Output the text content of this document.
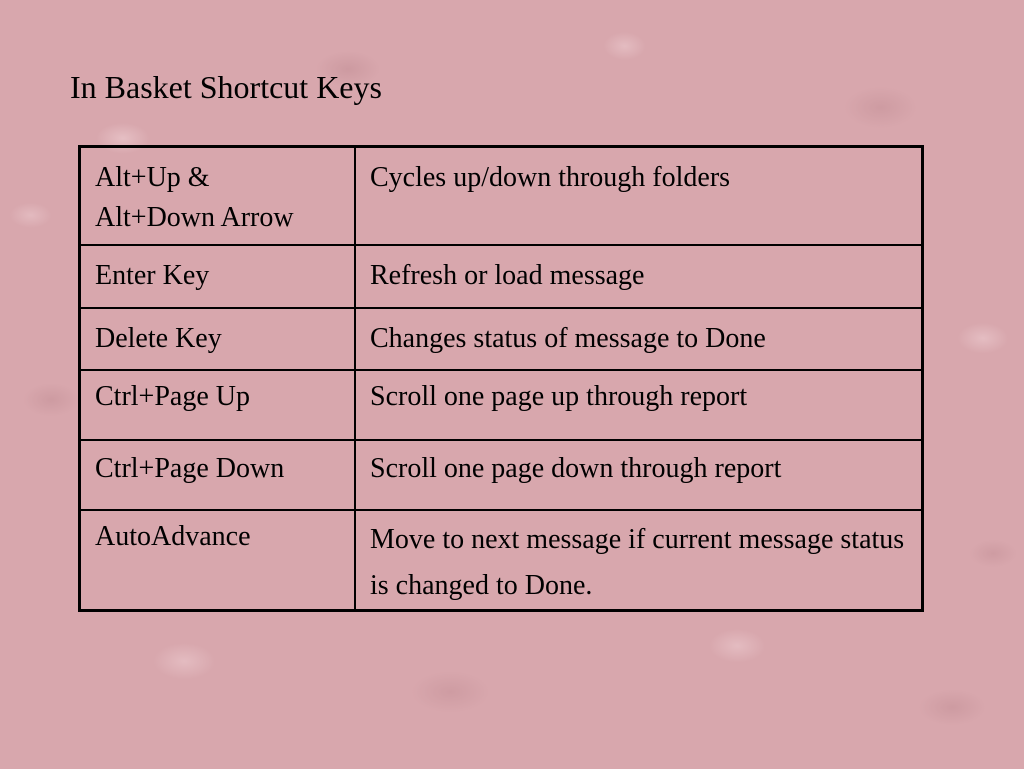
In Basket Shortcut Keys
Alt+Up &
Alt+Down Arrow	Cycles up/down through folders
Enter Key	Refresh or load message
Delete Key	Changes status of message to Done
Ctrl+Page Up	Scroll one page up through report
Ctrl+Page Down	Scroll one page down through report
AutoAdvance	Move to next message if current message status is changed to Done.
